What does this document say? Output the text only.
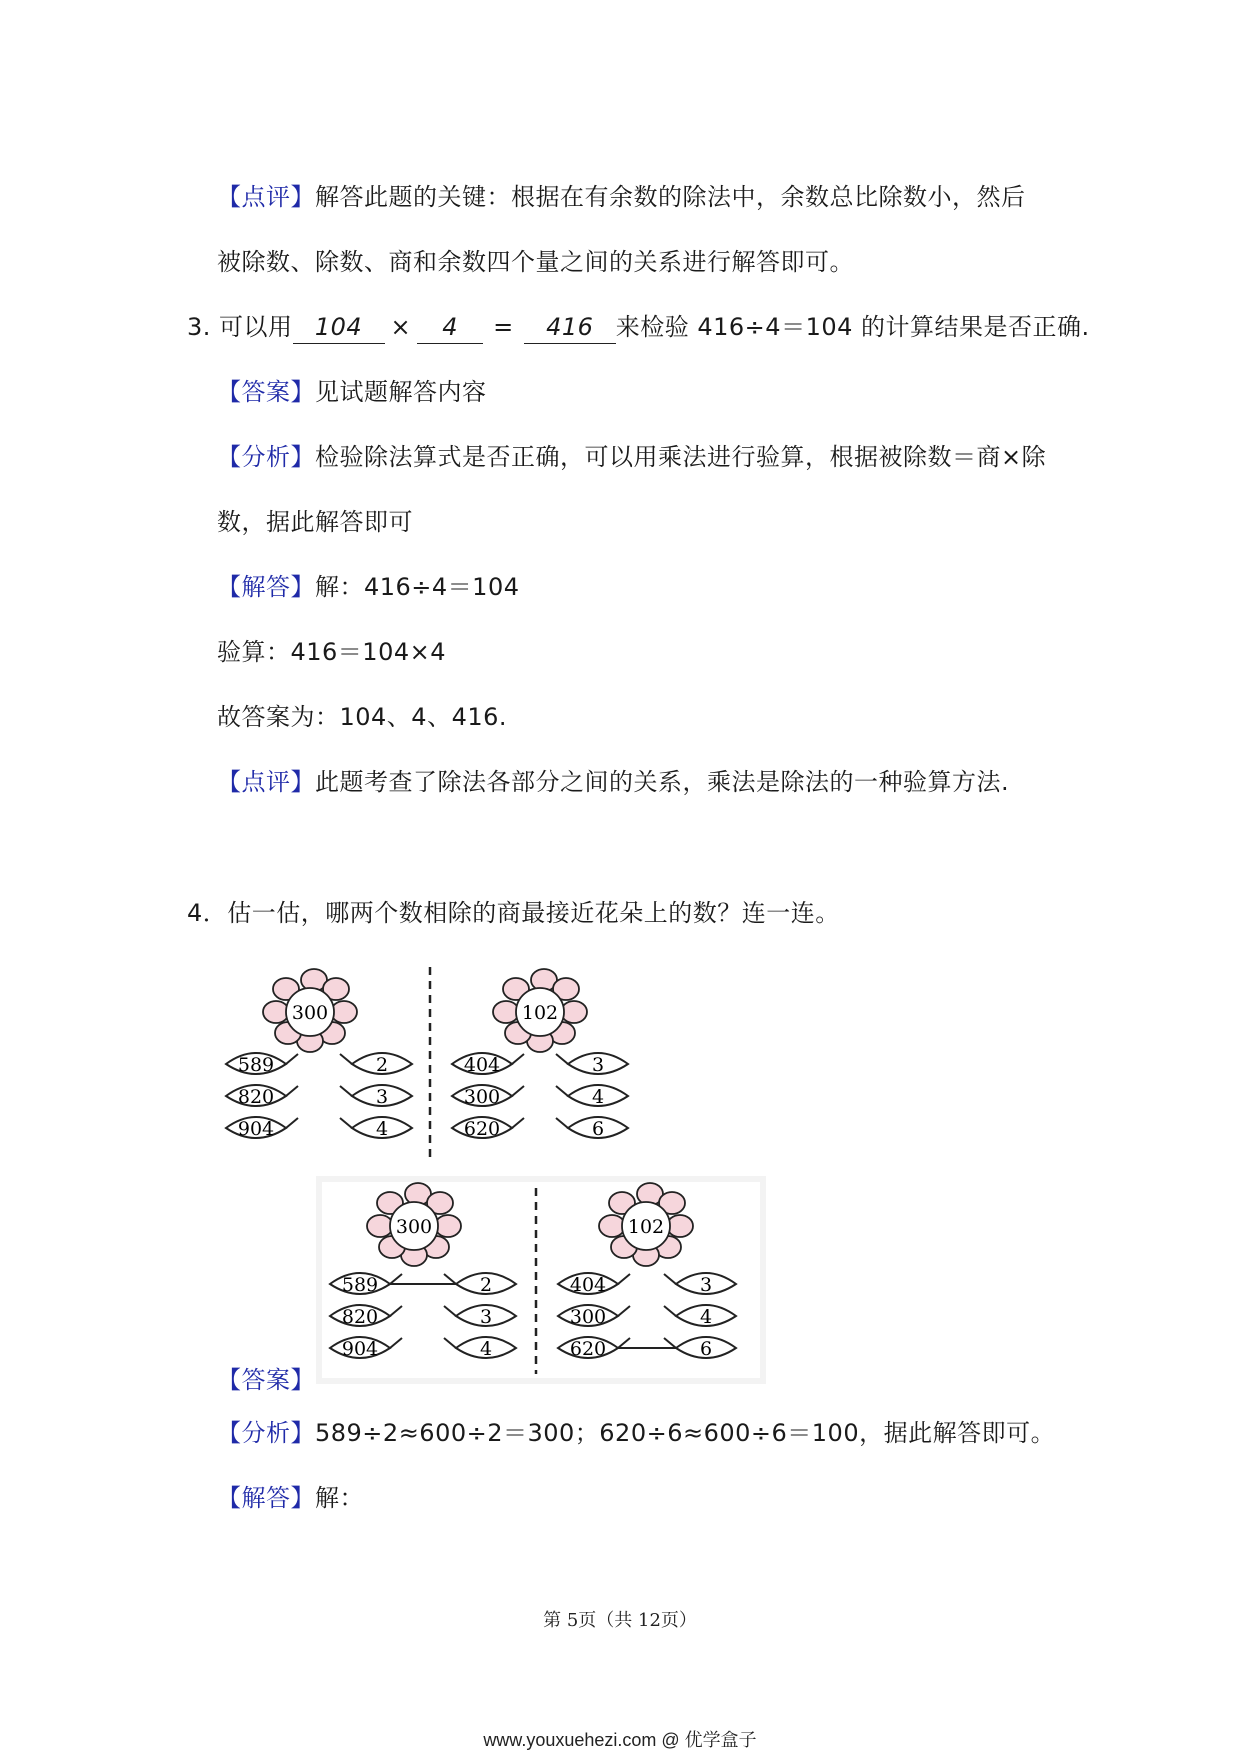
【点评】解答此题的关键：根据在有余数的除法中，余数总比除数小，然后
被除数、除数、商和余数四个量之间的关系进行解答即可。
3. 可以用 104 × 4 = 416 来检验 416÷4＝104 的计算结果是否正确.
【答案】见试题解答内容
【分析】检验除法算式是否正确，可以用乘法进行验算，根据被除数＝商×除
数，据此解答即可
【解答】解：416÷4＝104
验算：416＝104×4
故答案为：104、4、416.
【点评】此题考查了除法各部分之间的关系，乘法是除法的一种验算方法.
4．估一估，哪两个数相除的商最接近花朵上的数？连一连。
300	102
589
820
904
2
3
4
404
300
620
3
4
6
300	102
589
820
904
2
3
4
404
300
620
3
4
6
【答案】
【分析】589÷2≈600÷2＝300；620÷6≈600÷6＝100，据此解答即可。
【解答】解：
第 5页（共 12页）
www.youxuehezi.com @ 优学盒子
